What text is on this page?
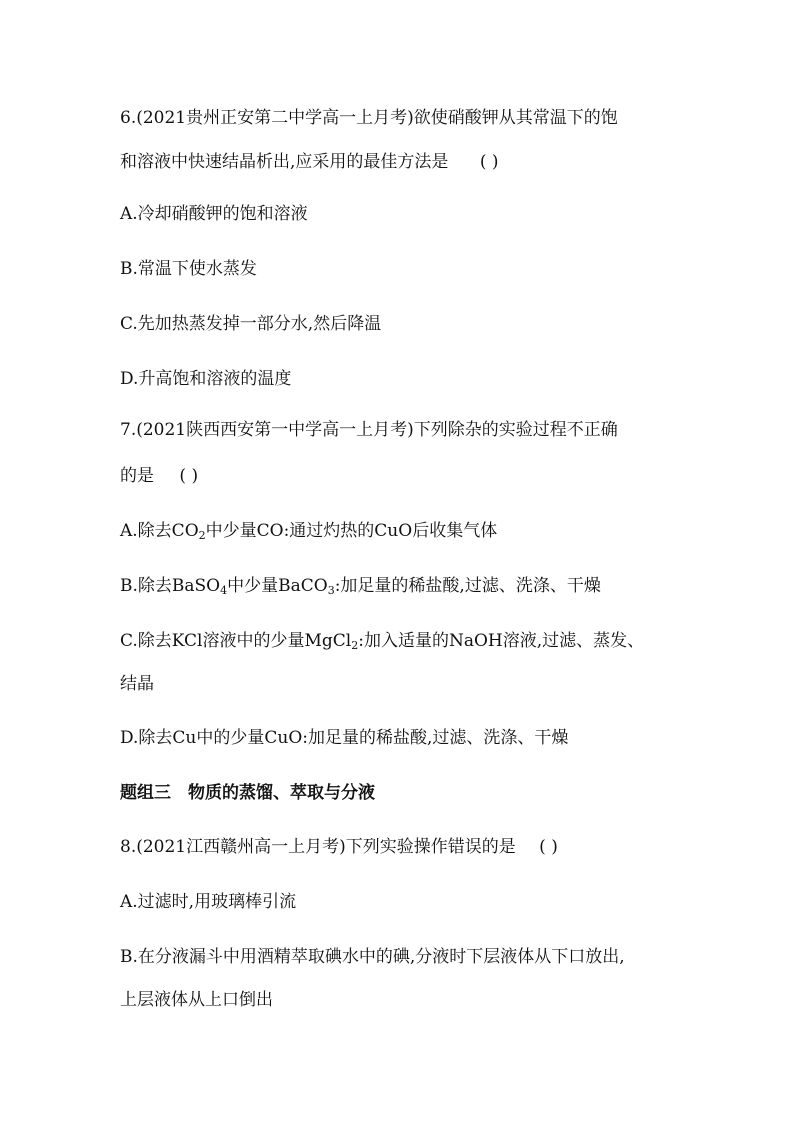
6.(2021贵州正安第二中学高一上月考)欲使硝酸钾从其常温下的饱
和溶液中快速结晶析出,应采用的最佳方法是 ( )
A.冷却硝酸钾的饱和溶液
B.常温下使水蒸发
C.先加热蒸发掉一部分水,然后降温
D.升高饱和溶液的温度
7.(2021陕西西安第一中学高一上月考)下列除杂的实验过程不正确
的是 ( )
A.除去$CO_2$中少量CO:通过灼热的CuO后收集气体
B.除去BaSO$_4$中少量BaCO$_3$:加足量的稀盐酸,过滤、洗涤、干燥
C.除去KCl溶液中的少量MgCl$_2$:加入适量的NaOH溶液,过滤、蒸发、
结晶
D.除去Cu中的少量CuO:加足量的稀盐酸,过滤、洗涤、干燥
题组三　物质的蒸馏、萃取与分液
8.(2021江西赣州高一上月考)下列实验操作错误的是 ( )
A.过滤时,用玻璃棒引流
B.在分液漏斗中用酒精萃取碘水中的碘,分液时下层液体从下口放出,
上层液体从上口倒出
